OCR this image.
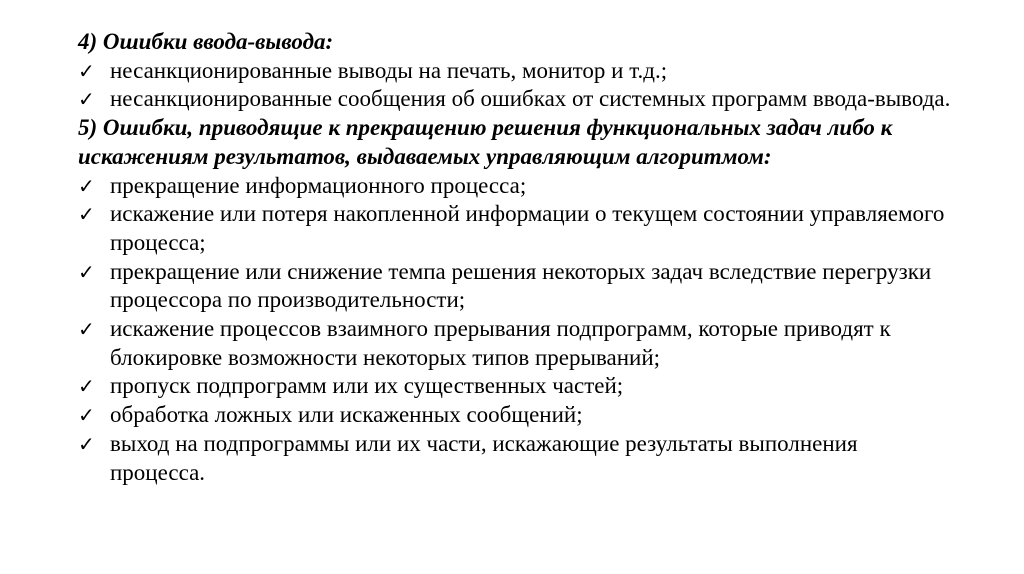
4) Ошибки ввода-вывода:
✓ несанкционированные выводы на печать, монитор и т.д.;
✓ несанкционированные сообщения об ошибках от системных программ ввода-вывода.
5) Ошибки, приводящие к прекращению решения функциональных задач либо к искажениям результатов, выдаваемых управляющим алгоритмом:
✓ прекращение информационного процесса;
✓ искажение или потеря накопленной информации о текущем состоянии управляемого процесса;
✓ прекращение или снижение темпа решения некоторых задач вследствие перегрузки процессора по производительности;
✓ искажение процессов взаимного прерывания подпрограмм, которые приводят к блокировке возможности некоторых типов прерываний;
✓ пропуск подпрограмм или их существенных частей;
✓ обработка ложных или искаженных сообщений;
✓ выход на подпрограммы или их части, искажающие результаты выполнения процесса.
